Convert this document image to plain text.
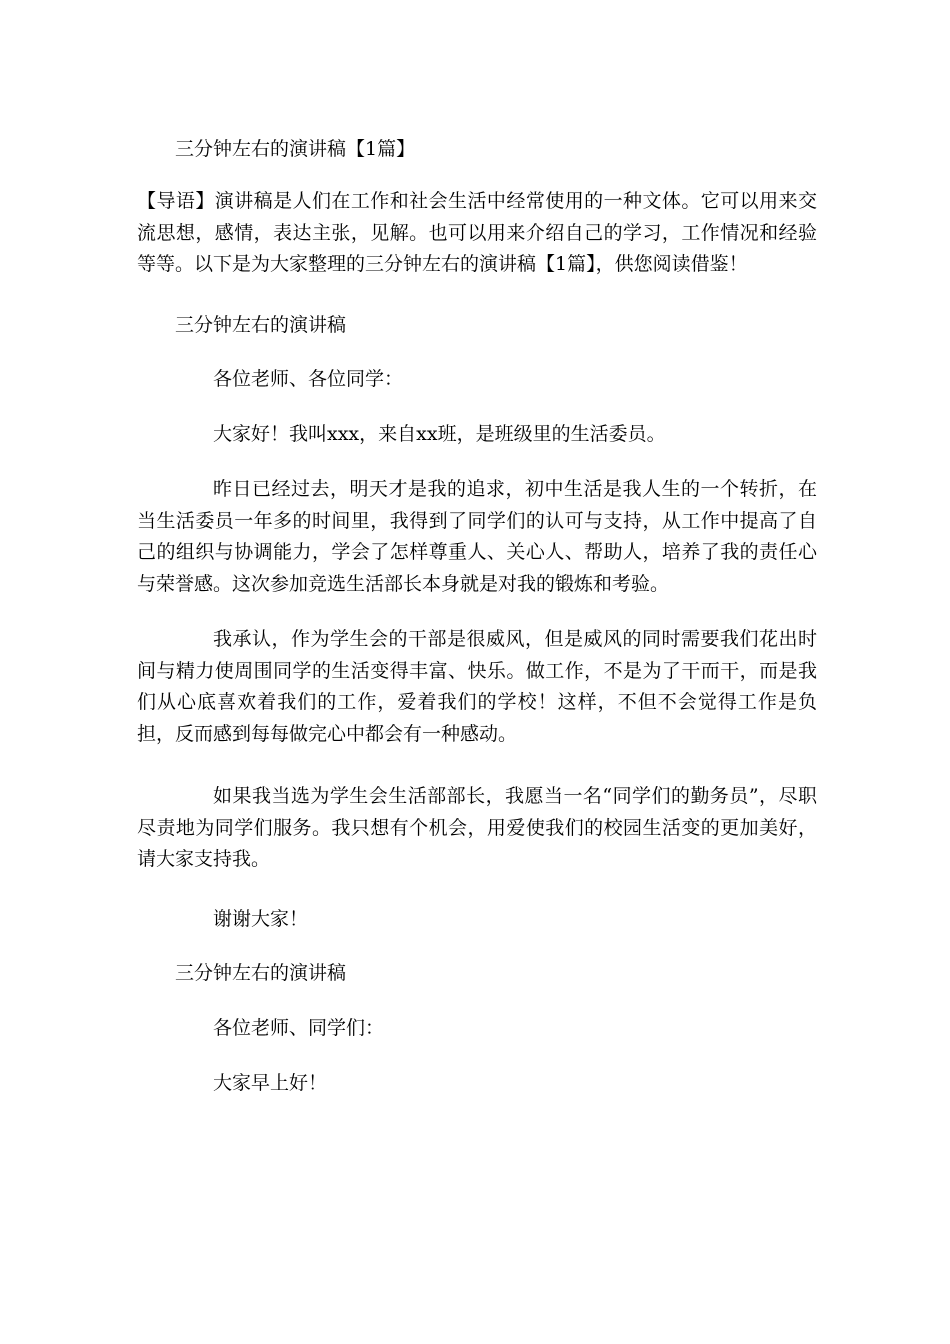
三分钟左右的演讲稿【1篇】

【导语】演讲稿是人们在工作和社会生活中经常使用的一种文体。它可以用来交流思想，感情，表达主张，见解。也可以用来介绍自己的学习，工作情况和经验等等。以下是为大家整理的三分钟左右的演讲稿【1篇】，供您阅读借鉴！

三分钟左右的演讲稿

各位老师、各位同学：

大家好！我叫xxx，来自xx班，是班级里的生活委员。

昨日已经过去，明天才是我的追求，初中生活是我人生的一个转折，在当生活委员一年多的时间里，我得到了同学们的认可与支持，从工作中提高了自己的组织与协调能力，学会了怎样尊重人、关心人、帮助人，培养了我的责任心与荣誉感。这次参加竞选生活部长本身就是对我的锻炼和考验。

我承认，作为学生会的干部是很威风，但是威风的同时需要我们花出时间与精力使周围同学的生活变得丰富、快乐。做工作，不是为了干而干，而是我们从心底喜欢着我们的工作，爱着我们的学校！这样，不但不会觉得工作是负担，反而感到每每做完心中都会有一种感动。

如果我当选为学生会生活部部长，我愿当一名“同学们的勤务员”，尽职尽责地为同学们服务。我只想有个机会，用爱使我们的校园生活变的更加美好，请大家支持我。

谢谢大家！

三分钟左右的演讲稿

各位老师、同学们：

大家早上好！
